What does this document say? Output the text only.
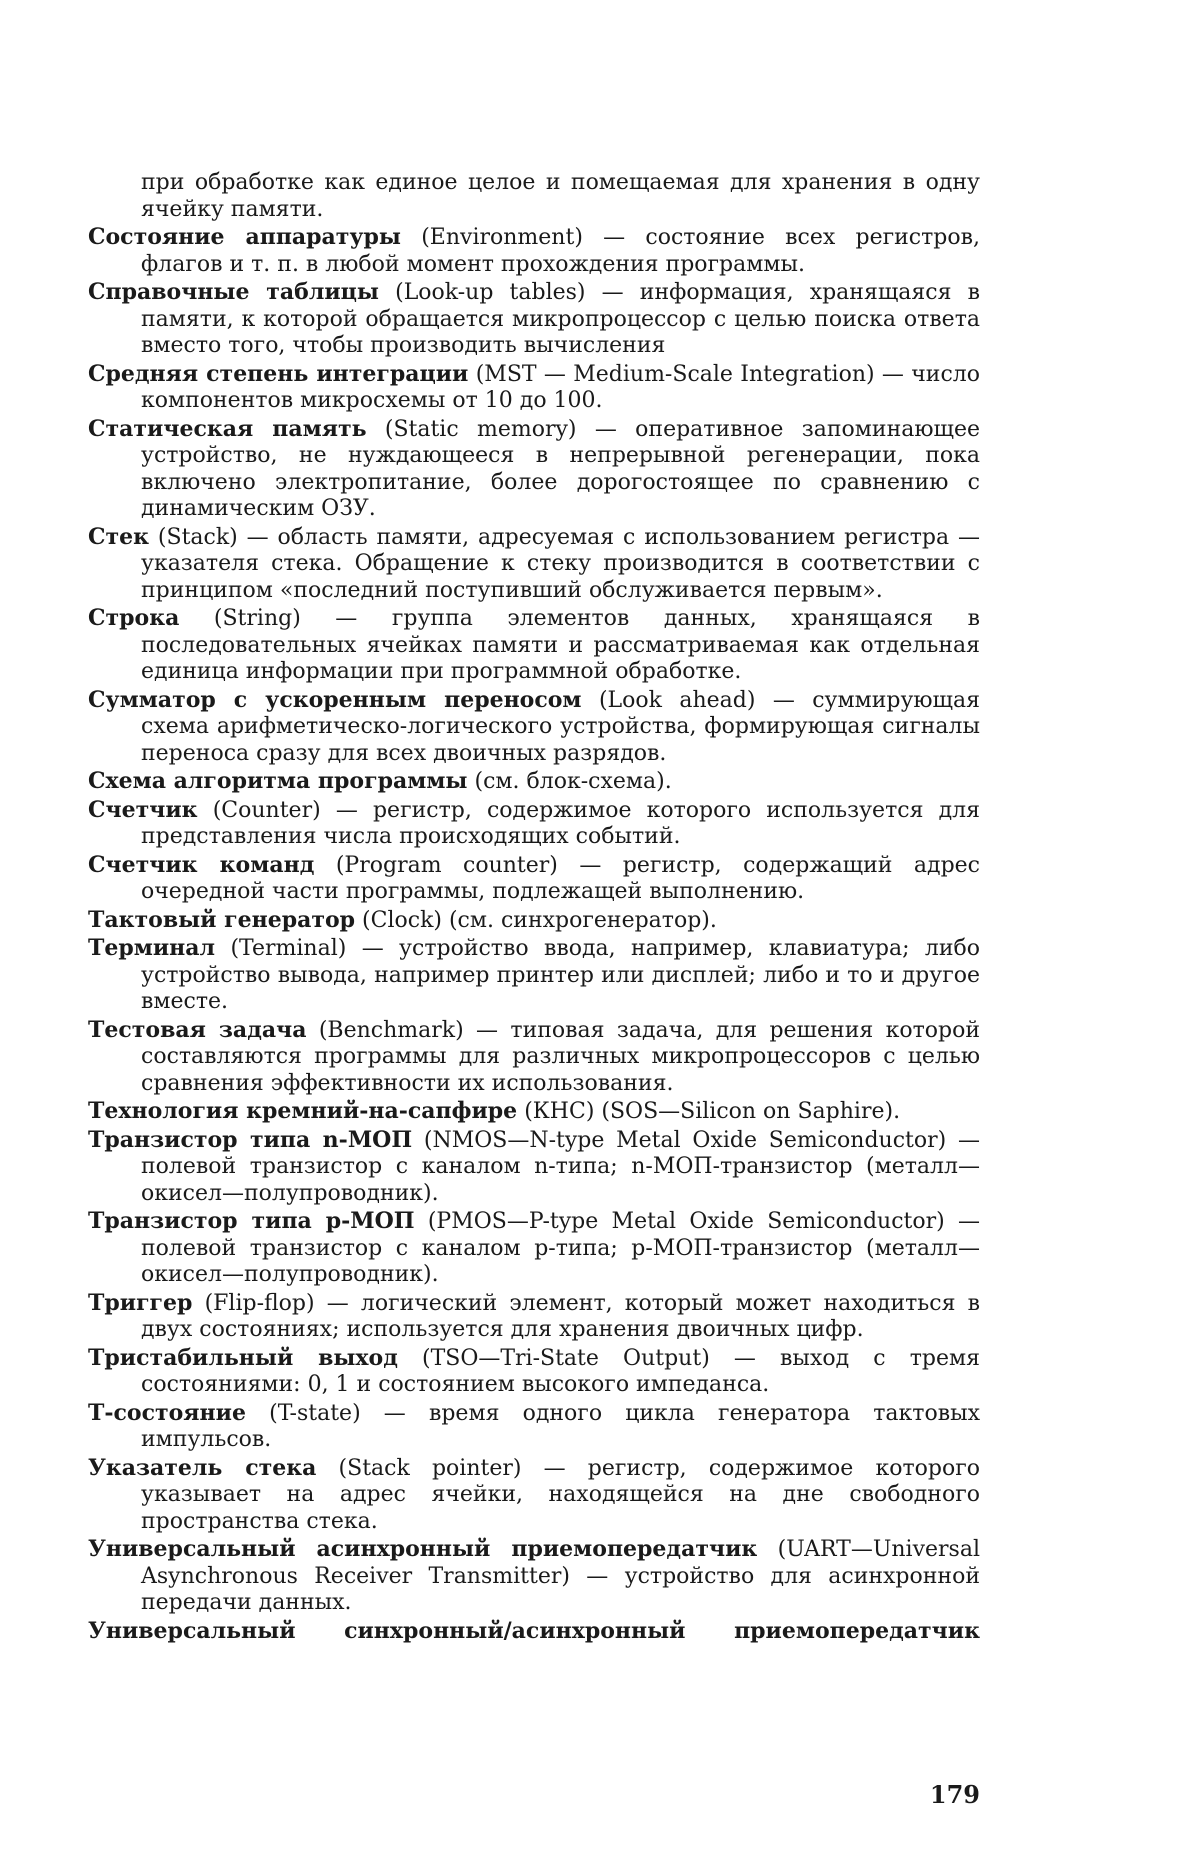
при обработке как единое целое и помещаемая для хранения в одну ячейку памяти.

Состояние аппаратуры (Environment) — состояние всех регистров, флагов и т. п. в любой момент прохождения программы.

Справочные таблицы (Look-up tables) — информация, хранящаяся в памяти, к которой обращается микропроцессор с целью поиска ответа вместо того, чтобы производить вычисления

Средняя степень интеграции (MST — Medium-Scale Integration) — число компонентов микросхемы от 10 до 100.

Статическая память (Static memory) — оперативное запоминающее устройство, не нуждающееся в непрерывной регенерации, пока включено электропитание, более дорогостоящее по сравнению с динамическим ОЗУ.

Стек (Stack) — область памяти, адресуемая с использованием регистра — указателя стека. Обращение к стеку производится в соответствии с принципом «последний поступивший обслуживается первым».

Строка (String) — группа элементов данных, хранящаяся в последовательных ячейках памяти и рассматриваемая как отдельная единица информации при программной обработке.

Сумматор с ускоренным переносом (Look ahead) — суммирующая схема арифметическо-логического устройства, формирующая сигналы переноса сразу для всех двоичных разрядов.

Схема алгоритма программы (см. блок-схема).

Счетчик (Counter) — регистр, содержимое которого используется для представления числа происходящих событий.

Счетчик команд (Program counter) — регистр, содержащий адрес очередной части программы, подлежащей выполнению.

Тактовый генератор (Clock) (см. синхрогенератор).

Терминал (Terminal) — устройство ввода, например, клавиатура; либо устройство вывода, например принтер или дисплей; либо и то и другое вместе.

Тестовая задача (Benchmark) — типовая задача, для решения которой составляются программы для различных микропроцессоров с целью сравнения эффективности их использования.

Технология кремний-на-сапфире (КНС) (SOS—Silicon on Saphire).

Транзистор типа n-МОП (NMOS—N-type Metal Oxide Semiconductor) — полевой транзистор с каналом n-типа; n-МОП-транзистор (металл—окисел—полупроводник).

Транзистор типа p-МОП (PMOS—P-type Metal Oxide Semiconductor) — полевой транзистор с каналом p-типа; p-МОП-транзистор (металл—окисел—полупроводник).

Триггер (Flip-flop) — логический элемент, который может находиться в двух состояниях; используется для хранения двоичных цифр.

Тристабильный выход (TSO—Tri-State Output) — выход с тремя состояниями: 0, 1 и состоянием высокого импеданса.

Т-состояние (T-state) — время одного цикла генератора тактовых импульсов.

Указатель стека (Stack pointer) — регистр, содержимое которого указывает на адрес ячейки, находящейся на дне свободного пространства стека.

Универсальный асинхронный приемопередатчик (UART—Universal Asynchronous Receiver Transmitter) — устройство для асинхронной передачи данных.

Универсальный синхронный/асинхронный приемопередатчик
179
